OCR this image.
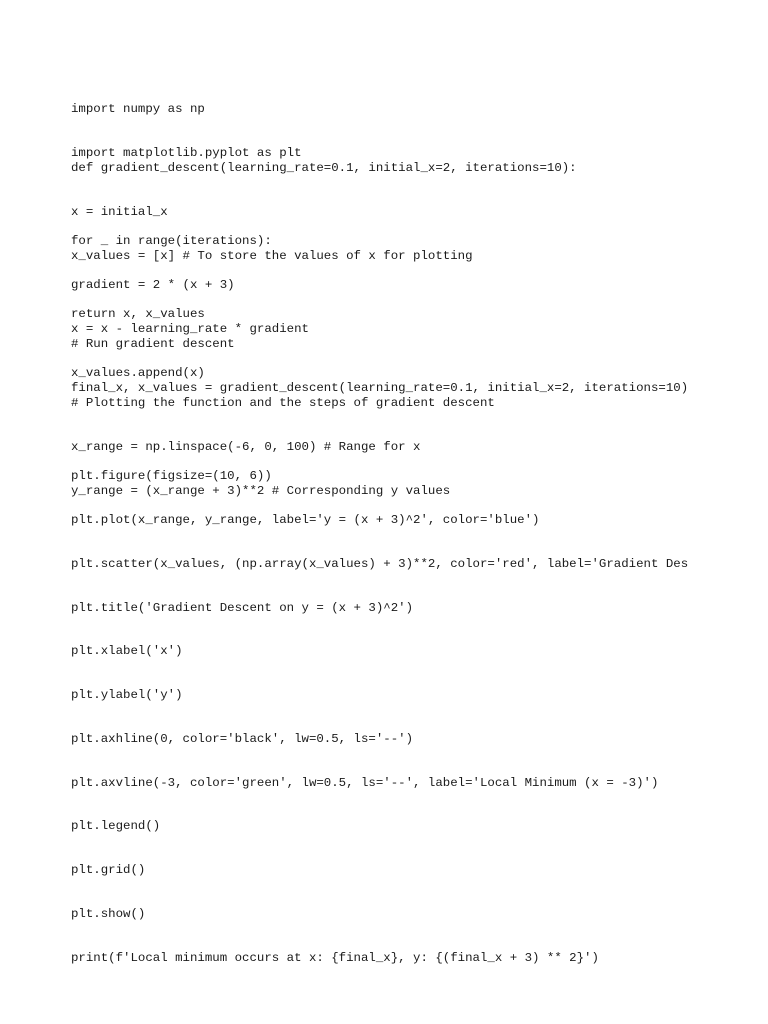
import numpy as np

import matplotlib.pyplot as plt

def gradient_descent(learning_rate=0.1, initial_x=2, iterations=10):

x = initial_x

x_values = [x] # To store the values of x for plotting

for _ in range(iterations):

gradient = 2 * (x + 3)

x = x - learning_rate * gradient

x_values.append(x)

return x, x_values

# Run gradient descent

final_x, x_values = gradient_descent(learning_rate=0.1, initial_x=2, iterations=10)

# Plotting the function and the steps of gradient descent

x_range = np.linspace(-6, 0, 100) # Range for x

y_range = (x_range + 3)**2 # Corresponding y values

plt.figure(figsize=(10, 6))

plt.plot(x_range, y_range, label='y = (x + 3)^2', color='blue')

plt.scatter(x_values, (np.array(x_values) + 3)**2, color='red', label='Gradient Des

plt.title('Gradient Descent on y = (x + 3)^2')

plt.xlabel('x')

plt.ylabel('y')

plt.axhline(0, color='black', lw=0.5, ls='--')

plt.axvline(-3, color='green', lw=0.5, ls='--', label='Local Minimum (x = -3)')

plt.legend()

plt.grid()

plt.show()

print(f'Local minimum occurs at x: {final_x}, y: {(final_x + 3) ** 2}')
